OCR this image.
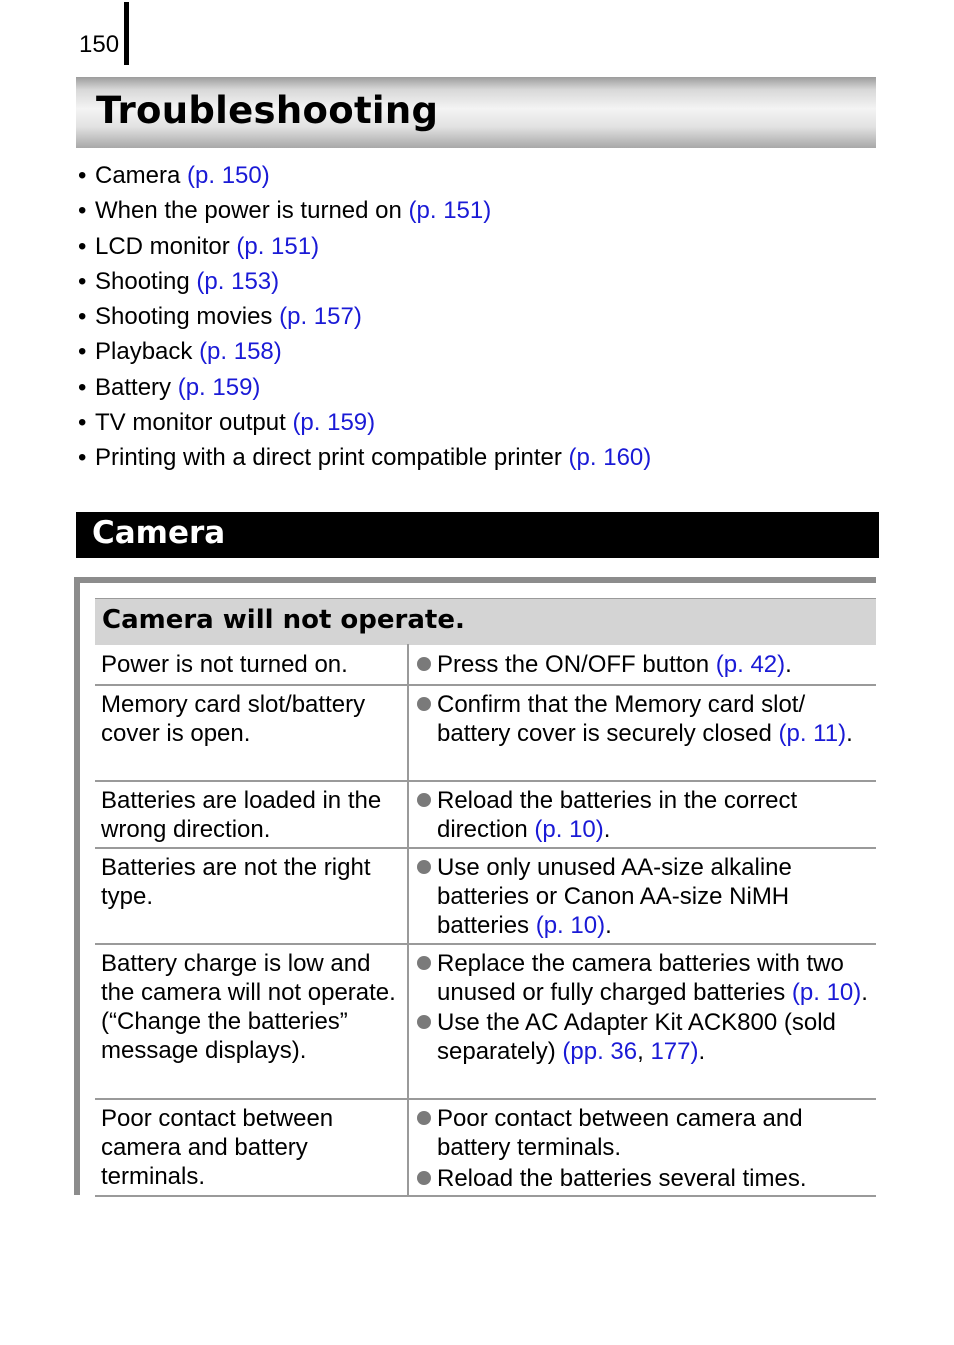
150
Troubleshooting
• Camera (p. 150)
• When the power is turned on (p. 151)
• LCD monitor (p. 151)
• Shooting (p. 153)
• Shooting movies (p. 157)
• Playback (p. 158)
• Battery (p. 159)
• TV monitor output (p. 159)
• Printing with a direct print compatible printer (p. 160)
Camera
Camera will not operate.
Power is not turned on.	Press the ON/OFF button (p. 42).
Memory card slot/battery cover is open.
Confirm that the Memory card slot/ battery cover is securely closed (p. 11).
Batteries are loaded in the wrong direction.
Reload the batteries in the correct direction (p. 10).
Batteries are not the right type.
Use only unused AA-size alkaline batteries or Canon AA-size NiMH batteries (p. 10).
Battery charge is low and the camera will not operate. (“Change the batteries” message displays).
Replace the camera batteries with two unused or fully charged batteries (p. 10).
Use the AC Adapter Kit ACK800 (sold separately) (pp. 36, 177).
Poor contact between camera and battery terminals.
Poor contact between camera and battery terminals.
Reload the batteries several times.
